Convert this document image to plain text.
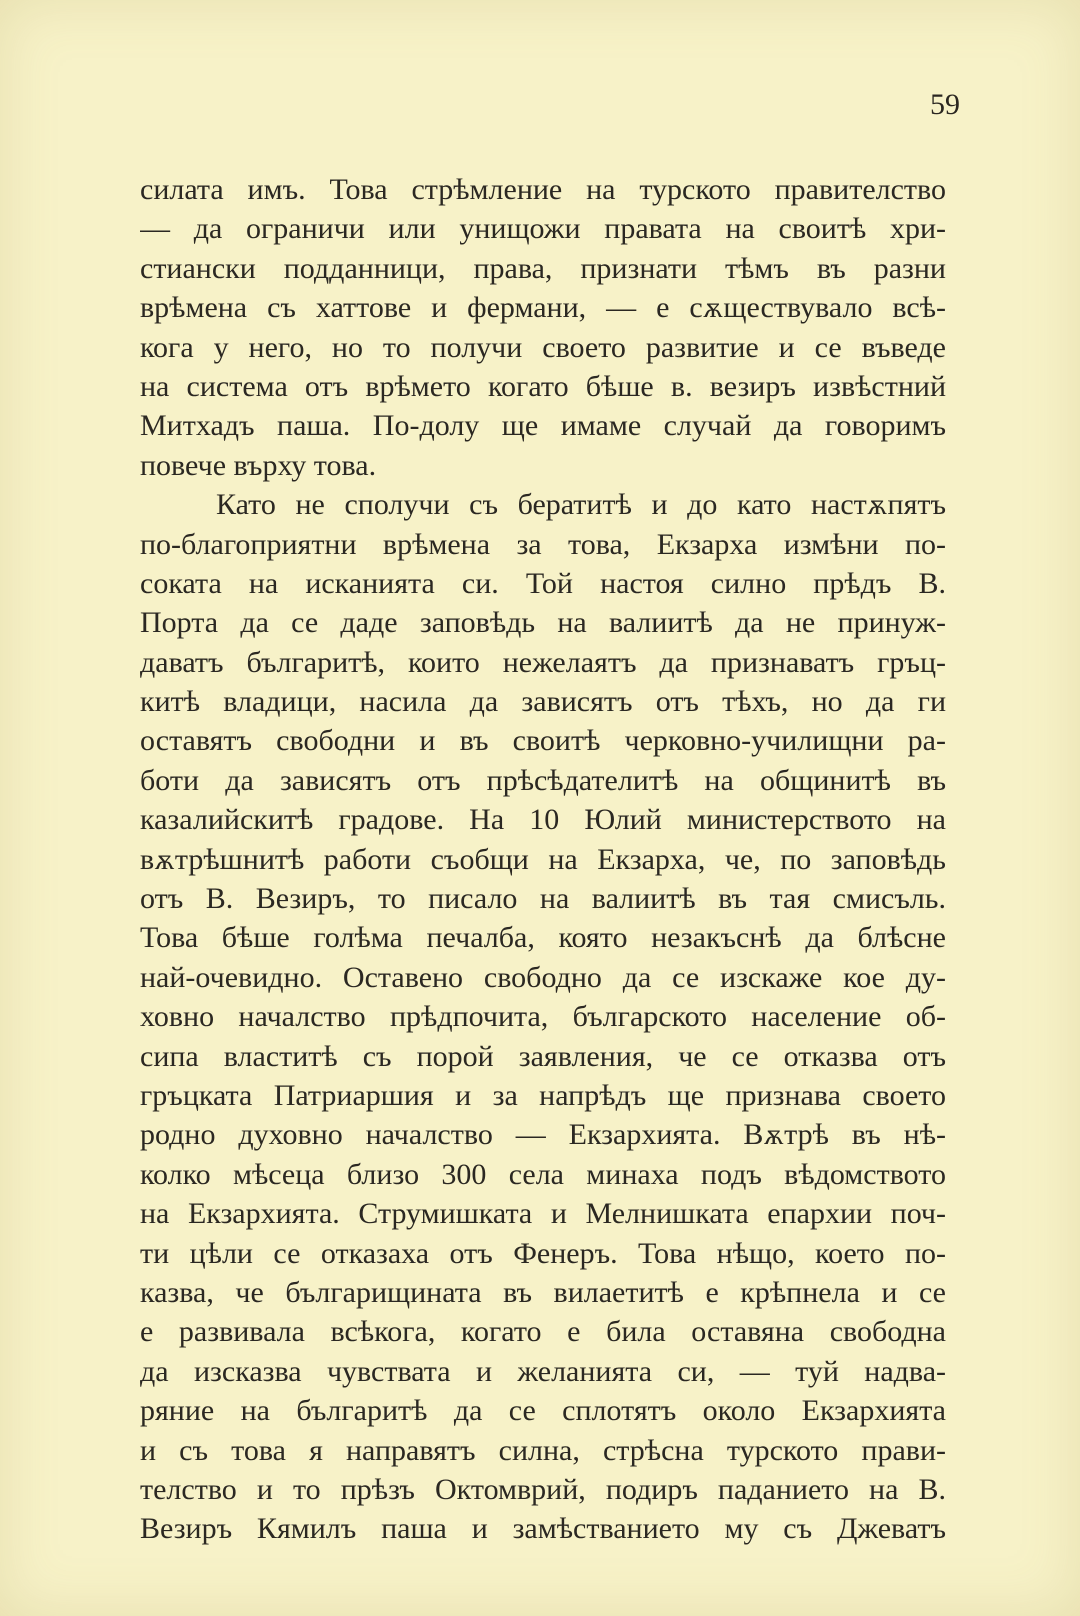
59
силата имъ. Това стрѣмление на турското правителство
— да ограничи или унищожи правата на своитѣ хри-
стиански подданници, права, признати тѣмъ въ разни
врѣмена съ хаттове и фермани, — е сѫществувало всѣ-
кога у него, но то получи своето развитие и се въведе
на система отъ врѣмето когато бѣше в. везиръ извѣстний
Митхадъ паша. По-долу ще имаме случай да говоримъ
повече върху това.
Като не сполучи съ бератитѣ и до като настѫпятъ
по-благоприятни врѣмена за това, Екзарха измѣни по-
соката на исканията си. Той настоя силно прѣдъ В.
Порта да се даде заповѣдь на валиитѣ да не принуж-
даватъ българитѣ, които нежелаятъ да признаватъ гръц-
китѣ владици, насила да зависятъ отъ тѣхъ, но да ги
оставятъ свободни и въ своитѣ черковно-училищни ра-
боти да зависятъ отъ прѣсѣдателитѣ на общинитѣ въ
казалийскитѣ градове. На 10 Юлий министерството на
вѫтрѣшнитѣ работи съобщи на Екзарха, че, по заповѣдь
отъ В. Везиръ, то писало на валиитѣ въ тая смисъль.
Това бѣше голѣма печалба, която незакъснѣ да блѣсне
най-очевидно. Оставено свободно да се изскаже кое ду-
ховно началство прѣдпочита, българското население об-
сипа властитѣ съ порой заявления, че се отказва отъ
гръцката Патриаршия и за напрѣдъ ще признава своето
родно духовно началство — Екзархията. Вѫтрѣ въ нѣ-
колко мѣсеца близо 300 села минаха подъ вѣдомството
на Екзархията. Струмишката и Мелнишката епархии поч-
ти цѣли се отказаха отъ Фенеръ. Това нѣщо, което по-
казва, че българищината въ вилаетитѣ е крѣпнела и се
е развивала всѣкога, когато е била оставяна свободна
да изсказва чувствата и желанията си, — туй надва-
ряние на българитѣ да се сплотятъ около Екзархията
и съ това я направятъ силна, стрѣсна турското прави-
телство и то прѣзъ Октомврий, подиръ паданието на В.
Везиръ Кямилъ паша и замѣстванието му съ Джеватъ
